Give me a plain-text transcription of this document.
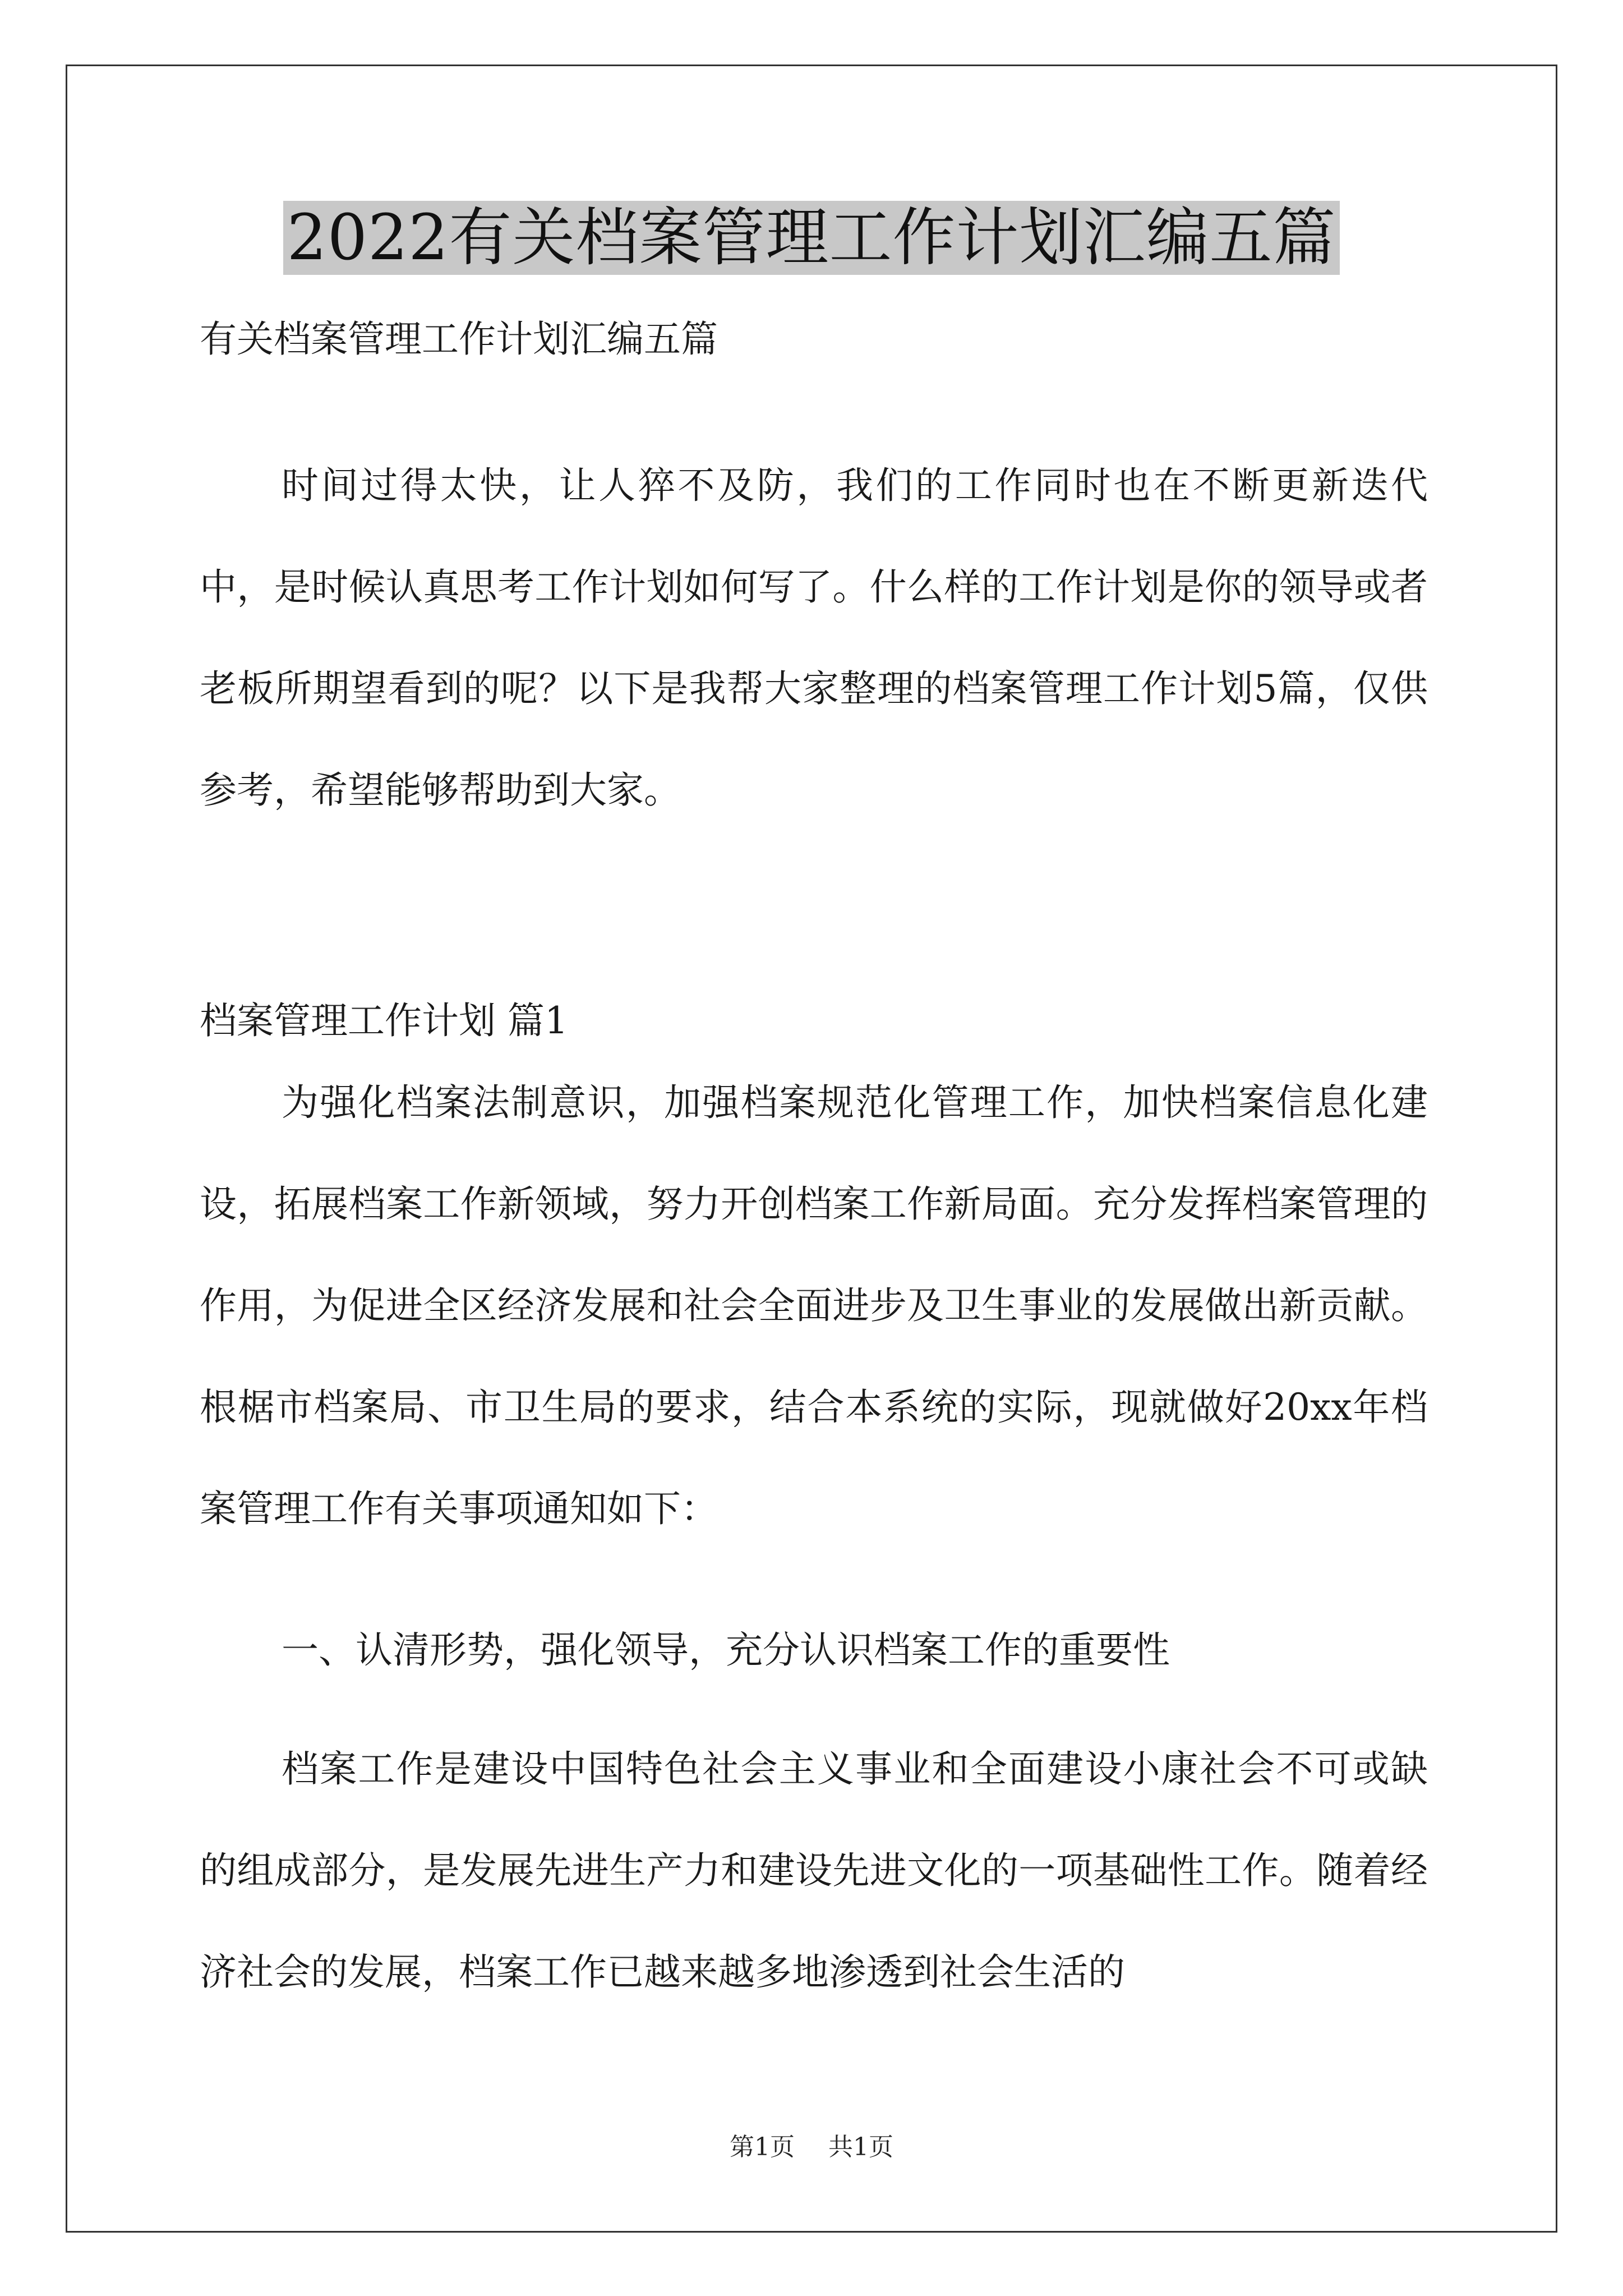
2022有关档案管理工作计划汇编五篇
有关档案管理工作计划汇编五篇
时间过得太快，让人猝不及防，我们的工作同时也在不断更新迭代中，是时候认真思考工作计划如何写了。什么样的工作计划是你的领导或者老板所期望看到的呢？以下是我帮大家整理的档案管理工作计划5篇，仅供参考，希望能够帮助到大家。
档案管理工作计划 篇1
为强化档案法制意识，加强档案规范化管理工作，加快档案信息化建设，拓展档案工作新领域，努力开创档案工作新局面。充分发挥档案管理的作用，为促进全区经济发展和社会全面进步及卫生事业的发展做出新贡献。根椐市档案局、市卫生局的要求，结合本系统的实际，现就做好20xx年档案管理工作有关事项通知如下：
一、认清形势，强化领导，充分认识档案工作的重要性
档案工作是建设中国特色社会主义事业和全面建设小康社会不可或缺的组成部分，是发展先进生产力和建设先进文化的一项基础性工作。随着经济社会的发展，档案工作已越来越多地渗透到社会生活的
第1页 共1页
